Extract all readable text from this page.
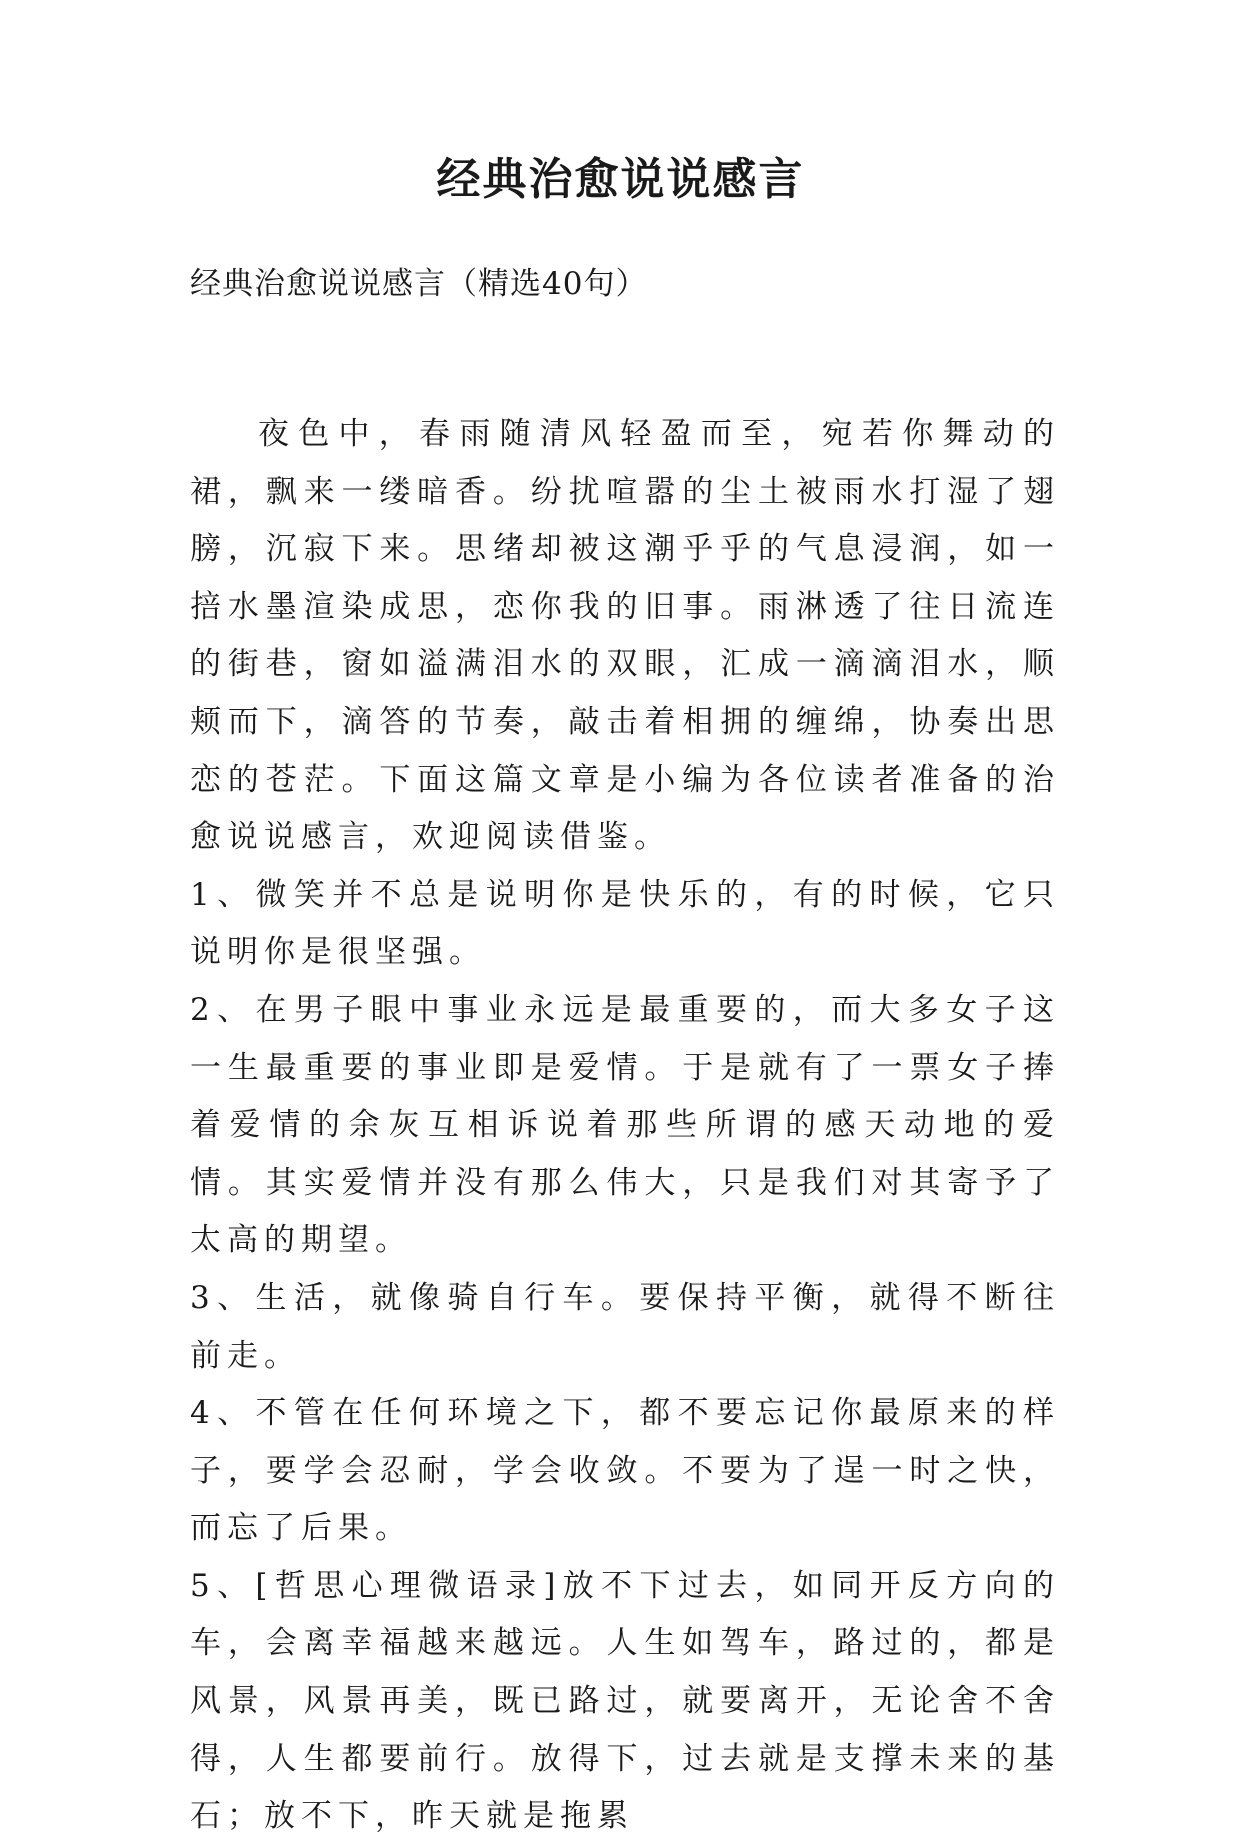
经典治愈说说感言
经典治愈说说感言（精选40句）

夜色中，春雨随清风轻盈而至，宛若你舞动的裙，飘来一缕暗香。纷扰喧嚣的尘土被雨水打湿了翅膀，沉寂下来。思绪却被这潮乎乎的气息浸润，如一掊水墨渲染成思，恋你我的旧事。雨淋透了往日流连的街巷，窗如溢满泪水的双眼，汇成一滴滴泪水，顺颊而下，滴答的节奏，敲击着相拥的缠绵，协奏出思恋的苍茫。下面这篇文章是小编为各位读者准备的治愈说说感言，欢迎阅读借鉴。

1、微笑并不总是说明你是快乐的，有的时候，它只说明你是很坚强。

2、在男子眼中事业永远是最重要的，而大多女子这一生最重要的事业即是爱情。于是就有了一票女子捧着爱情的余灰互相诉说着那些所谓的感天动地的爱情。其实爱情并没有那么伟大，只是我们对其寄予了太高的期望。

3、生活，就像骑自行车。要保持平衡，就得不断往前走。

4、不管在任何环境之下，都不要忘记你最原来的样子，要学会忍耐，学会收敛。不要为了逞一时之快，而忘了后果。

5、[哲思心理微语录]放不下过去，如同开反方向的车，会离幸福越来越远。人生如驾车，路过的，都是风景，风景再美，既已路过，就要离开，无论舍不舍得，人生都要前行。放得下，过去就是支撑未来的基石；放不下，昨天就是拖累
